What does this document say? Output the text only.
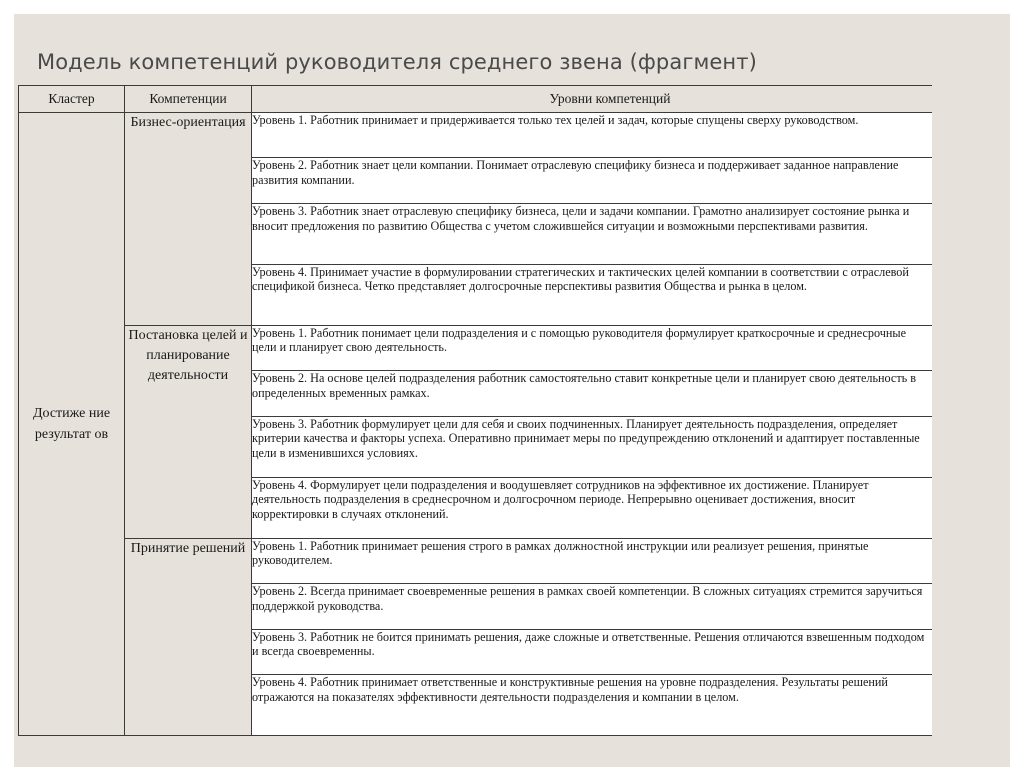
Модель компетенций руководителя среднего звена (фрагмент)
Кластер	Компетенции	Уровни компетенций
Достиже ние результат ов	Бизнес-ориентация	Уровень 1. Работник принимает и придерживается только тех целей и задач, которые спущены сверху руководством.

		Уровень 2. Работник знает цели компании. Понимает отраслевую специфику бизнеса и поддерживает заданное направление развития компании.

		Уровень 3. Работник знает отраслевую специфику бизнеса, цели и задачи компании. Грамотно анализирует состояние рынка и вносит предложения по развитию Общества с учетом сложившейся ситуации и возможными перспективами развития.

		Уровень 4. Принимает участие в формулировании стратегических и тактических целей компании в соответствии с отраслевой спецификой бизнеса. Четко представляет долгосрочные перспективы развития Общества и рынка в целом.

	Постановка целей и планирование деятельности	Уровень 1. Работник понимает цели подразделения и с помощью руководителя формулирует краткосрочные и среднесрочные цели и планирует свою деятельность.

		Уровень 2. На основе целей подразделения работник самостоятельно ставит конкретные цели и планирует свою деятельность в определенных временных рамках.

		Уровень 3. Работник формулирует цели для себя и своих подчиненных. Планирует деятельность подразделения, определяет критерии качества и факторы успеха. Оперативно принимает меры по предупреждению отклонений и адаптирует поставленные цели в изменившихся условиях.

		Уровень 4. Формулирует цели подразделения и воодушевляет сотрудников на эффективное их достижение. Планирует деятельность подразделения в среднесрочном и долгосрочном периоде. Непрерывно оценивает достижения, вносит корректировки в случаях отклонений.

	Принятие решений	Уровень 1. Работник принимает решения строго в рамках должностной инструкции или реализует решения, принятые руководителем.

		Уровень 2. Всегда принимает своевременные решения в рамках своей компетенции. В сложных ситуациях стремится заручиться поддержкой руководства.

		Уровень 3. Работник не боится принимать решения, даже сложные и ответственные. Решения отличаются взвешенным подходом и всегда своевременны.

		Уровень 4. Работник принимает ответственные и конструктивные решения на уровне подразделения. Результаты решений отражаются на показателях эффективности деятельности подразделения и компании в целом.
